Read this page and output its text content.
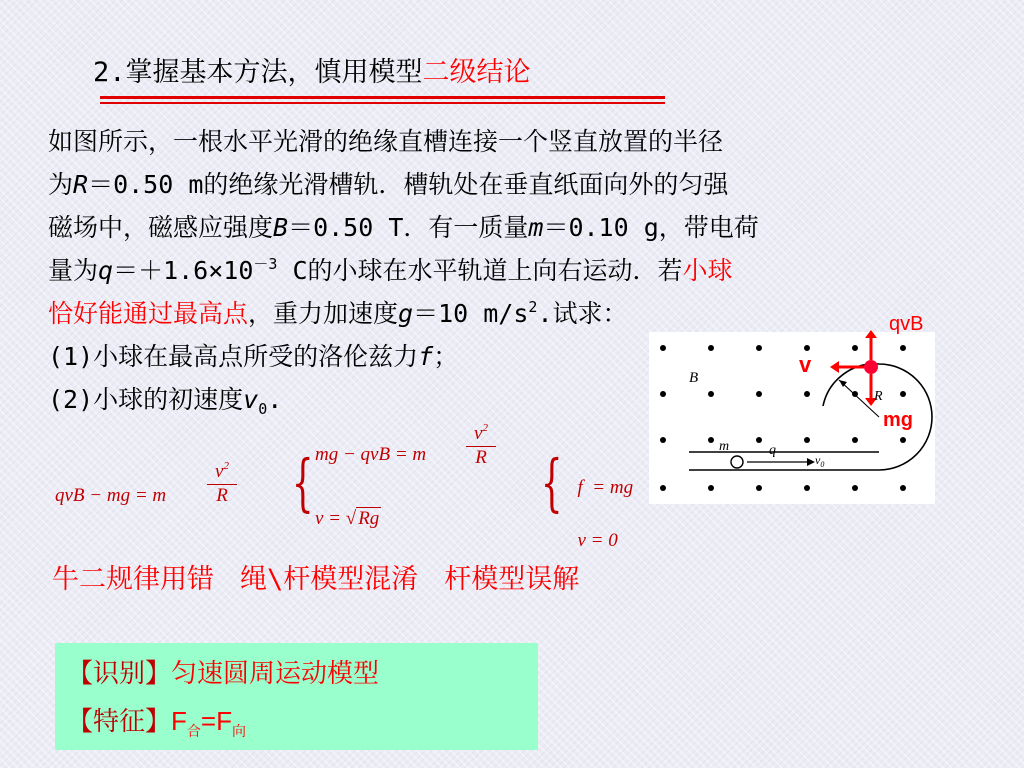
2.掌握基本方法，慎用模型二级结论
如图所示，一根水平光滑的绝缘直槽连接一个竖直放置的半径
为R＝0.50 m的绝缘光滑槽轨．槽轨处在垂直纸面向外的匀强
磁场中，磁感应强度B＝0.50 T．有一质量m＝0.10 g，带电荷
量为$q=+1.6\times 10^{-3}$ C的小球在水平轨道上向右运动．若小球
恰好能通过最高点，重力加速度g＝10 $m/s^2$.试求：
(1)小球在最高点所受的洛伦兹力f；
(2)小球的初速度$v_0$.
qvB
v
mg
B
R
m	q
$v_0$
qvB − mg = m
$v^2$
R { mg − qvB = m
$v^2$
R
v = √ Rg	{ f  = mg

v = 0

牛二规律用错 绳\杆模型混淆 杆模型误解
【识别】匀速圆周运动模型
【特征】$F_合=F_向$
